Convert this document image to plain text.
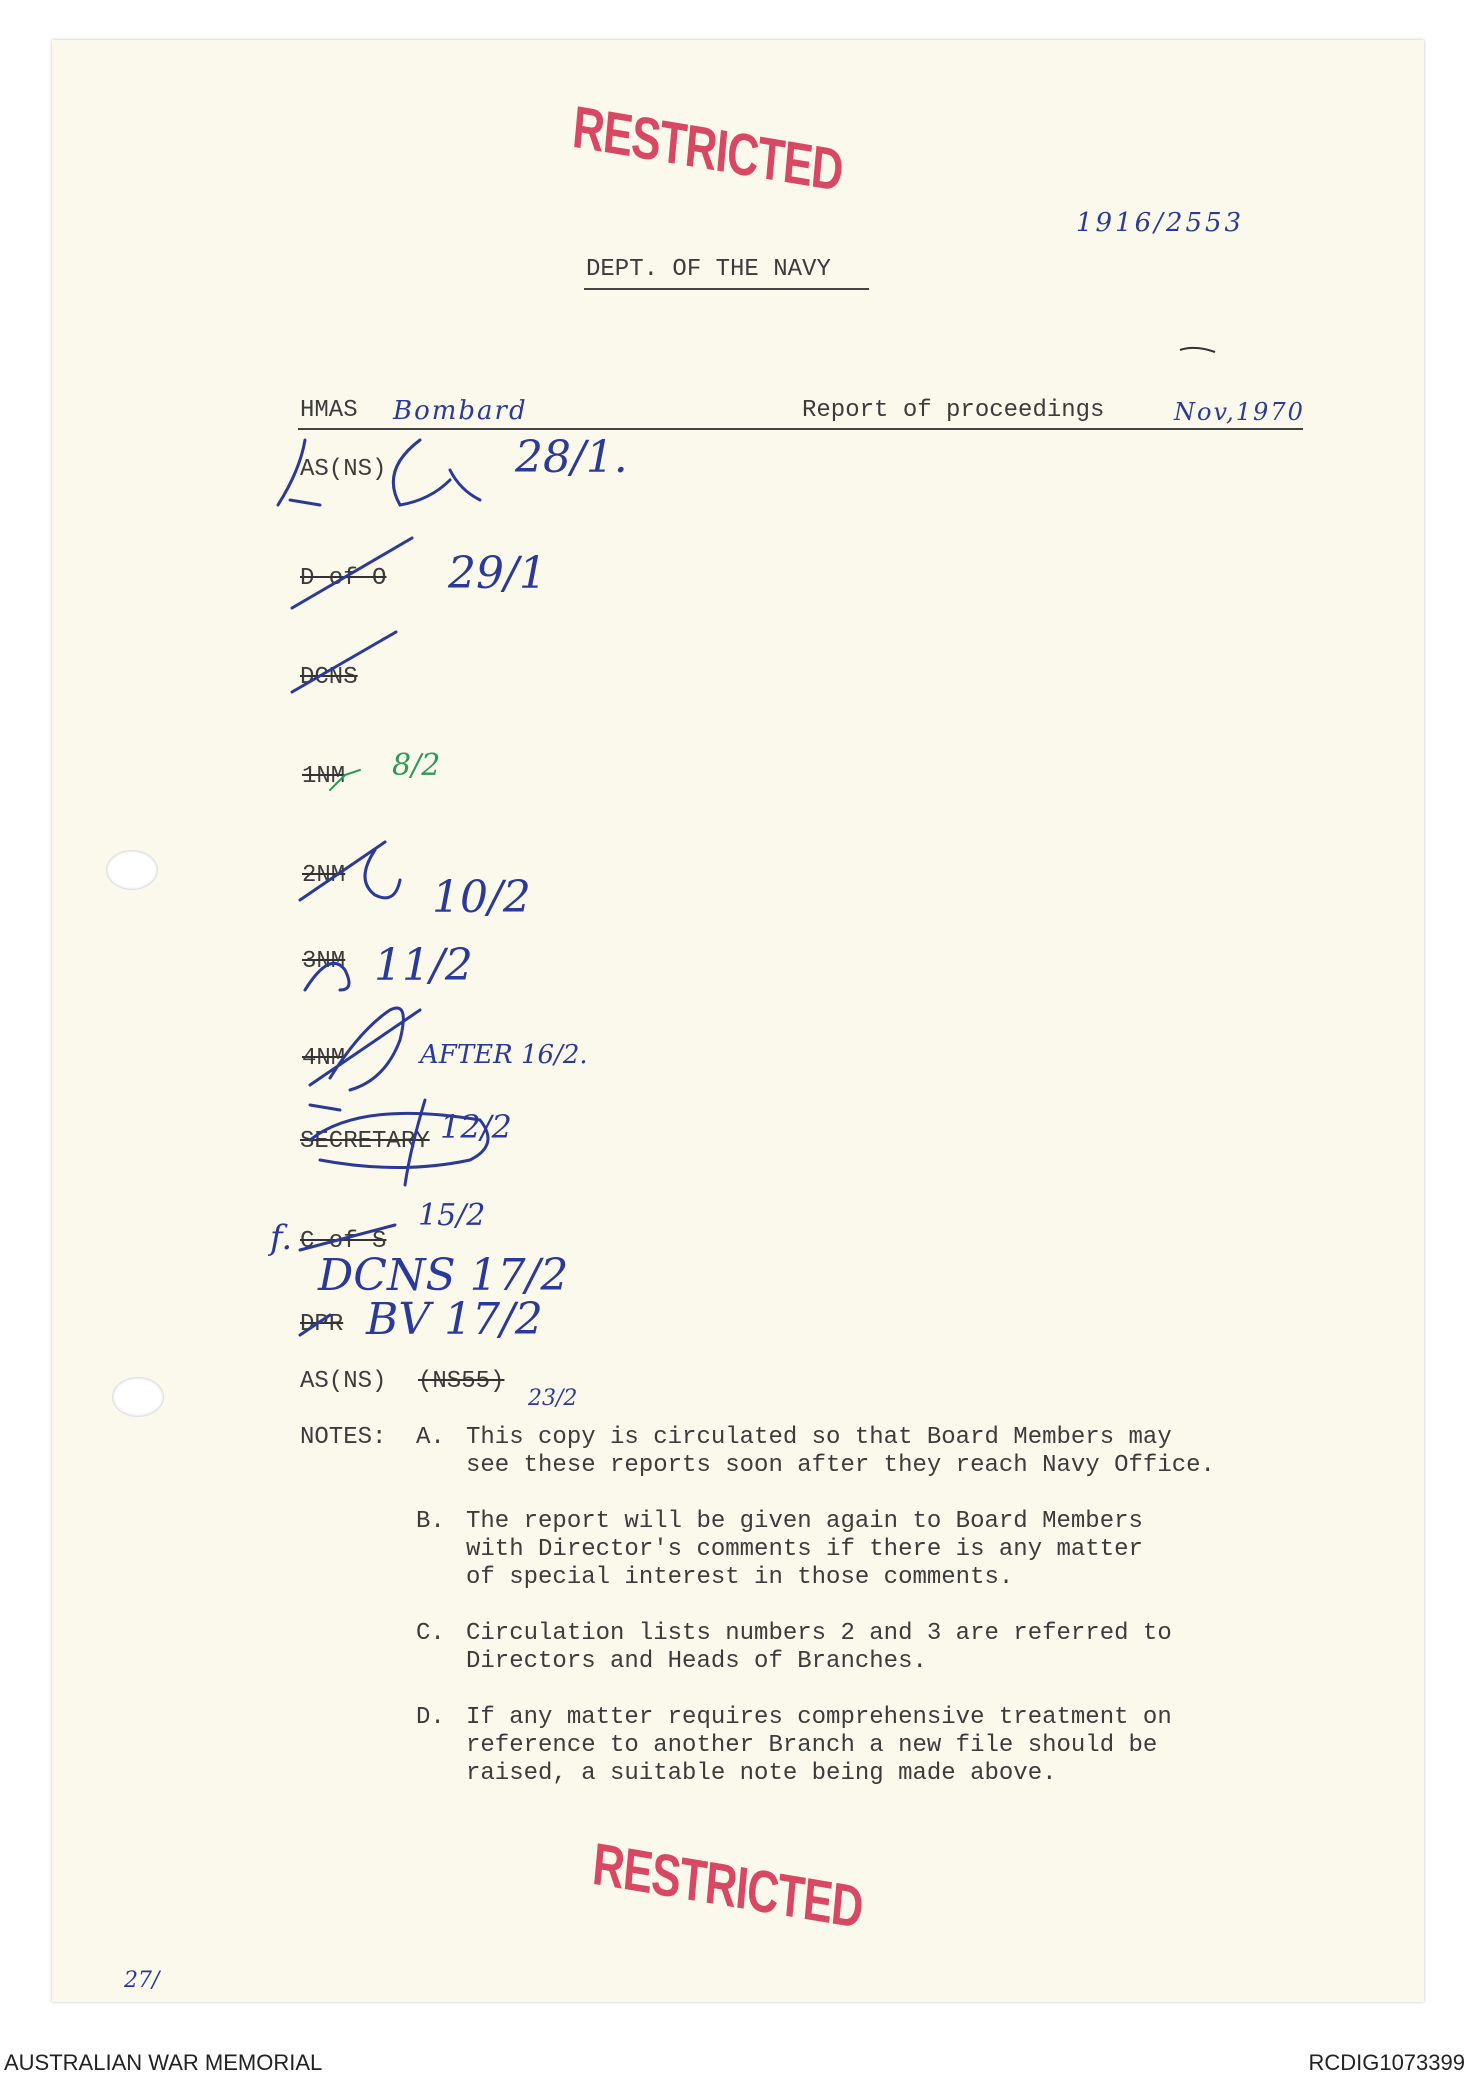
RESTRICTED
1916/2553
DEPT. OF THE NAVY
HMAS Bombard	Report of proceedings	Nov,1970
AS(NS)	28/1.
D of O 29/1
DCNS
1NM 8/2
2NM 10/2
3NM 11/2
4NM	AFTER 16/2.
SECRETARY 12/2
f. C of S
15/2
DCNS 17/2
DPR BV 17/2
AS(NS) (NS55)
23/2
NOTES: A. This copy is circulated so that Board Members may
see these reports soon after they reach Navy Office.
B. The report will be given again to Board Members
with Director's comments if there is any matter
of special interest in those comments.
C. Circulation lists numbers 2 and 3 are referred to
Directors and Heads of Branches.
D. If any matter requires comprehensive treatment on
reference to another Branch a new file should be
raised, a suitable note being made above.
RESTRICTED
27/
AUSTRALIAN WAR MEMORIAL	RCDIG1073399
